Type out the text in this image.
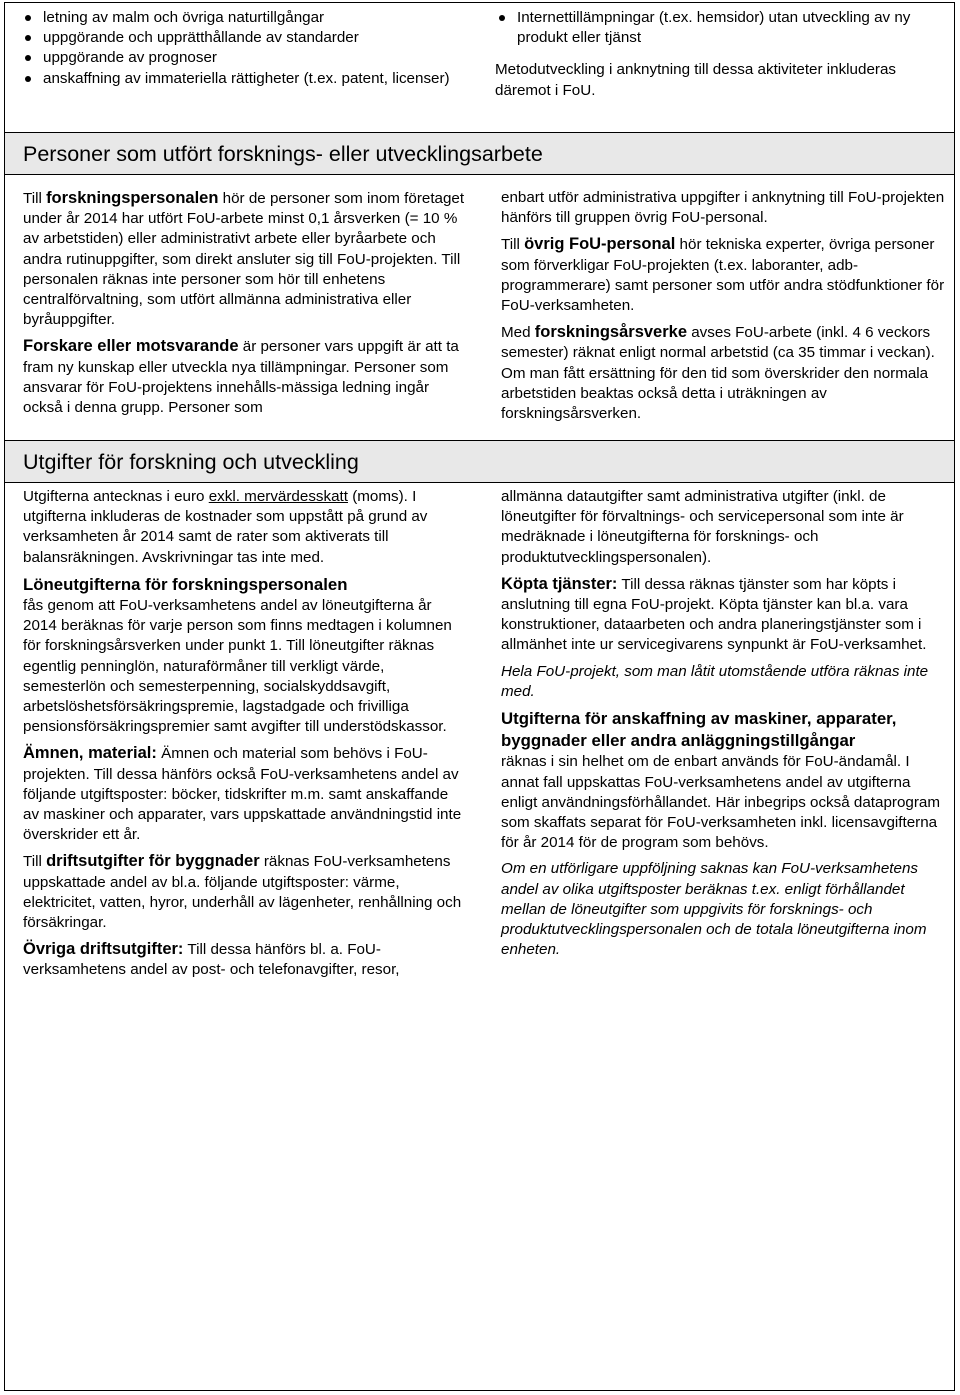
letning av malm och övriga naturtillgångar
uppgörande och upprätthållande av standarder
uppgörande av prognoser
anskaffning av immateriella rättigheter (t.ex. patent, licenser)
Internettillämpningar (t.ex. hemsidor) utan utveckling av ny produkt eller tjänst

Metodutveckling i anknytning till dessa aktiviteter inkluderas däremot i FoU.

Personer som utfört forsknings- eller utvecklingsarbete

Till forskningspersonalen hör de personer som inom företaget under år 2014 har utfört FoU-arbete minst 0,1 årsverken (= 10 % av arbetstiden) eller administrativt arbete eller byråarbete och andra rutinuppgifter, som direkt ansluter sig till FoU-projekten. Till personalen räknas inte personer som hör till enhetens centralförvaltning, som utfört allmänna administrativa eller byråuppgifter.

Forskare eller motsvarande är personer vars uppgift är att ta fram ny kunskap eller utveckla nya tillämpningar. Personer som ansvarar för FoU-projektens innehålls-mässiga ledning ingår också i denna grupp. Personer som

enbart utför administrativa uppgifter i anknytning till FoU-projekten hänförs till gruppen övrig FoU-personal.

Till övrig FoU-personal hör tekniska experter, övriga personer som förverkligar FoU-projekten (t.ex. laboranter, adb-programmerare) samt personer som utför andra stödfunktioner för FoU-verksamheten.

Med forskningsårsverke avses FoU-arbete (inkl. 4 6 veckors semester) räknat enligt normal arbetstid (ca 35 timmar i veckan). Om man fått ersättning för den tid som överskrider den normala arbetstiden beaktas också detta i uträkningen av forskningsårsverken.

Utgifter för forskning och utveckling

Utgifterna antecknas i euro exkl. mervärdesskatt (moms). I utgifterna inkluderas de kostnader som uppstått på grund av verksamheten år 2014 samt de rater som aktiverats till balansräkningen. Avskrivningar tas inte med.

Löneutgifterna för forskningspersonalen
fås genom att FoU-verksamhetens andel av löneutgifterna år 2014 beräknas för varje person som finns medtagen i kolumnen för forskningsårsverken under punkt 1. Till löneutgifter räknas egentlig penninglön, naturaförmåner till verkligt värde, semesterlön och semesterpenning, socialskyddsavgift, arbetslöshetsförsäkringspremie, lagstadgade och frivilliga pensionsförsäkringspremier samt avgifter till understödskassor.

Ämnen, material: Ämnen och material som behövs i FoU-projekten. Till dessa hänförs också FoU-verksamhetens andel av följande utgiftsposter: böcker, tidskrifter m.m. samt anskaffande av maskiner och apparater, vars uppskattade användningstid inte överskrider ett år.

Till driftsutgifter för byggnader räknas FoU-verksamhetens uppskattade andel av bl.a. följande utgiftsposter: värme, elektricitet, vatten, hyror, underhåll av lägenheter, renhållning och försäkringar.

Övriga driftsutgifter: Till dessa hänförs bl. a. FoU-verksamhetens andel av post- och telefonavgifter, resor,

allmänna datautgifter samt administrativa utgifter (inkl. de löneutgifter för förvaltnings- och servicepersonal som inte är medräknade i löneutgifterna för forsknings- och produktutvecklingspersonalen).

Köpta tjänster: Till dessa räknas tjänster som har köpts i anslutning till egna FoU-projekt. Köpta tjänster kan bl.a. vara konstruktioner, dataarbeten och andra planeringstjänster som i allmänhet inte ur servicegivarens synpunkt är FoU-verksamhet.

Hela FoU-projekt, som man låtit utomstående utföra räknas inte med.

Utgifterna för anskaffning av maskiner, apparater, byggnader eller andra anläggningstillgångar
räknas i sin helhet om de enbart används för FoU-ändamål. I annat fall uppskattas FoU-verksamhetens andel av utgifterna enligt användningsförhållandet. Här inbegrips också dataprogram som skaffats separat för FoU-verksamheten inkl. licensavgifterna för år 2014 för de program som behövs.

Om en utförligare uppföljning saknas kan FoU-verksamhetens andel av olika utgiftsposter beräknas t.ex. enligt förhållandet mellan de löneutgifter som uppgivits för forsknings- och produktutvecklingspersonalen och de totala löneutgifterna inom enheten.
